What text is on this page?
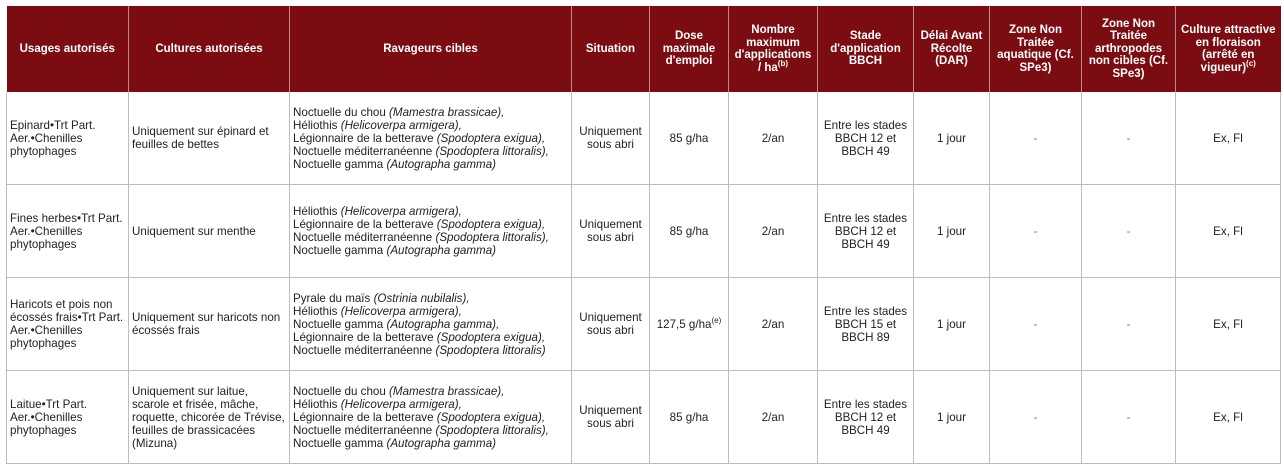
Usages autorisés	Cultures autorisées	Ravageurs cibles	Situation	Dose maximale d'emploi	Nombre maximum d'applications / $ha^{(b)}$	Stade d'application BBCH	Délai Avant Récolte (DAR)	Zone Non Traitée aquatique (Cf. SPe3)	Zone Non Traitée arthropodes non cibles (Cf. SPe3)	Culture attractive en floraison (arrêté en vigueur)$^{(c)}$
Epinard•Trt Part. Aer.•Chenilles phytophages	Uniquement sur épinard et feuilles de bettes	Noctuelle du chou (Mamestra brassicae),
Héliothis (Helicoverpa armigera),
Légionnaire de la betterave (Spodoptera exigua),
Noctuelle méditerranéenne (Spodoptera littoralis),
Noctuelle gamma (Autographa gamma)	Uniquement sous abri	85 g/ha	2/an	Entre les stades BBCH 12 et BBCH 49	1 jour	-	-	Ex, Fl
Fines herbes•Trt Part. Aer.•Chenilles phytophages	Uniquement sur menthe	Héliothis (Helicoverpa armigera),
Légionnaire de la betterave (Spodoptera exigua),
Noctuelle méditerranéenne (Spodoptera littoralis),
Noctuelle gamma (Autographa gamma)	Uniquement sous abri	85 g/ha	2/an	Entre les stades BBCH 12 et BBCH 49	1 jour	-	-	Ex, Fl
Haricots et pois non écossés frais•Trt Part. Aer.•Chenilles phytophages	Uniquement sur haricots non écossés frais	Pyrale du maïs (Ostrinia nubilalis),
Héliothis (Helicoverpa armigera),
Noctuelle gamma (Autographa gamma),
Légionnaire de la betterave (Spodoptera exigua),
Noctuelle méditerranéenne (Spodoptera littoralis)	Uniquement sous abri	127,5 $g/ha^{(e)}$	2/an	Entre les stades BBCH 15 et BBCH 89	1 jour	-	-	Ex, Fl
Laitue•Trt Part. Aer.•Chenilles phytophages	Uniquement sur laitue, scarole et frisée, mâche, roquette, chicorée de Trévise, feuilles de brassicacées (Mizuna)	Noctuelle du chou (Mamestra brassicae),
Héliothis (Helicoverpa armigera),
Légionnaire de la betterave (Spodoptera exigua),
Noctuelle méditerranéenne (Spodoptera littoralis),
Noctuelle gamma (Autographa gamma)	Uniquement sous abri	85 g/ha	2/an	Entre les stades BBCH 12 et BBCH 49	1 jour	-	-	Ex, Fl
